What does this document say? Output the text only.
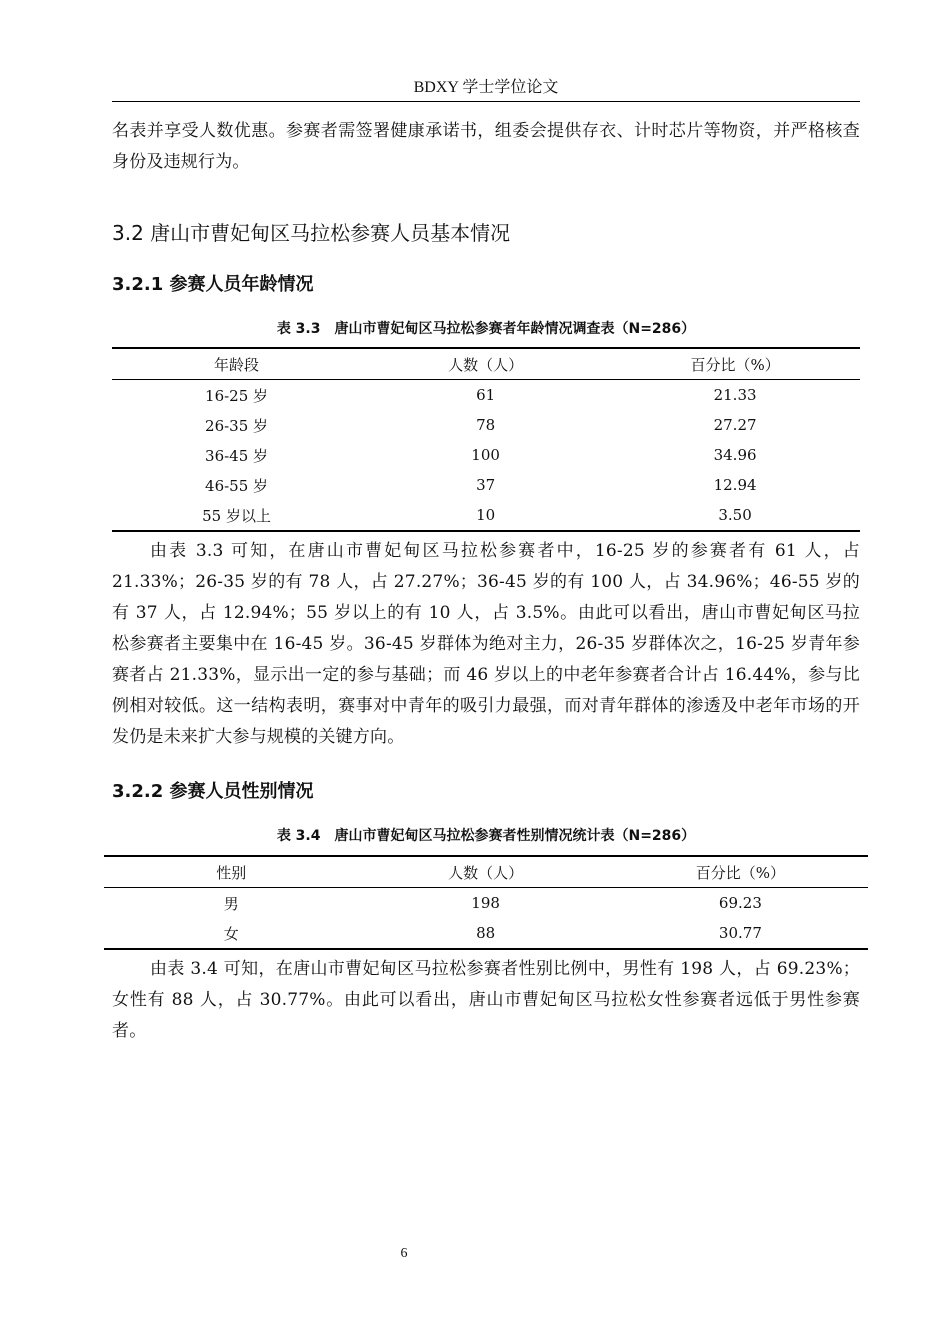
BDXY 学士学位论文

名表并享受人数优惠。参赛者需签署健康承诺书，组委会提供存衣、计时芯片等物资，并严格核查身份及违规行为。

3.2 唐山市曹妃甸区马拉松参赛人员基本情况
3.2.1 参赛人员年龄情况
表 3.3　唐山市曹妃甸区马拉松参赛者年龄情况调查表（N=286）
年龄段	人数（人）	百分比（%）
16-25 岁	61	21.33
26-35 岁	78	27.27
36-45 岁	100	34.96
46-55 岁	37	12.94
55 岁以上	10	3.50

由表 3.3 可知，在唐山市曹妃甸区马拉松参赛者中，16-25 岁的参赛者有 61 人，占 21.33%；26-35 岁的有 78 人，占 27.27%；36-45 岁的有 100 人，占 34.96%；46-55 岁的有 37 人，占 12.94%；55 岁以上的有 10 人，占 3.5%。由此可以看出，唐山市曹妃甸区马拉松参赛者主要集中在 16-45 岁。36-45 岁群体为绝对主力，26-35 岁群体次之，16-25 岁青年参赛者占 21.33%，显示出一定的参与基础；而 46 岁以上的中老年参赛者合计占 16.44%，参与比例相对较低。这一结构表明，赛事对中青年的吸引力最强，而对青年群体的渗透及中老年市场的开发仍是未来扩大参与规模的关键方向。

3.2.2 参赛人员性别情况
表 3.4　唐山市曹妃甸区马拉松参赛者性别情况统计表（N=286）
性别	人数（人）	百分比（%）
男	198	69.23
女	88	30.77

由表 3.4 可知，在唐山市曹妃甸区马拉松参赛者性别比例中，男性有 198 人，占 69.23%；女性有 88 人，占 30.77%。由此可以看出，唐山市曹妃甸区马拉松女性参赛者远低于男性参赛者。

6
